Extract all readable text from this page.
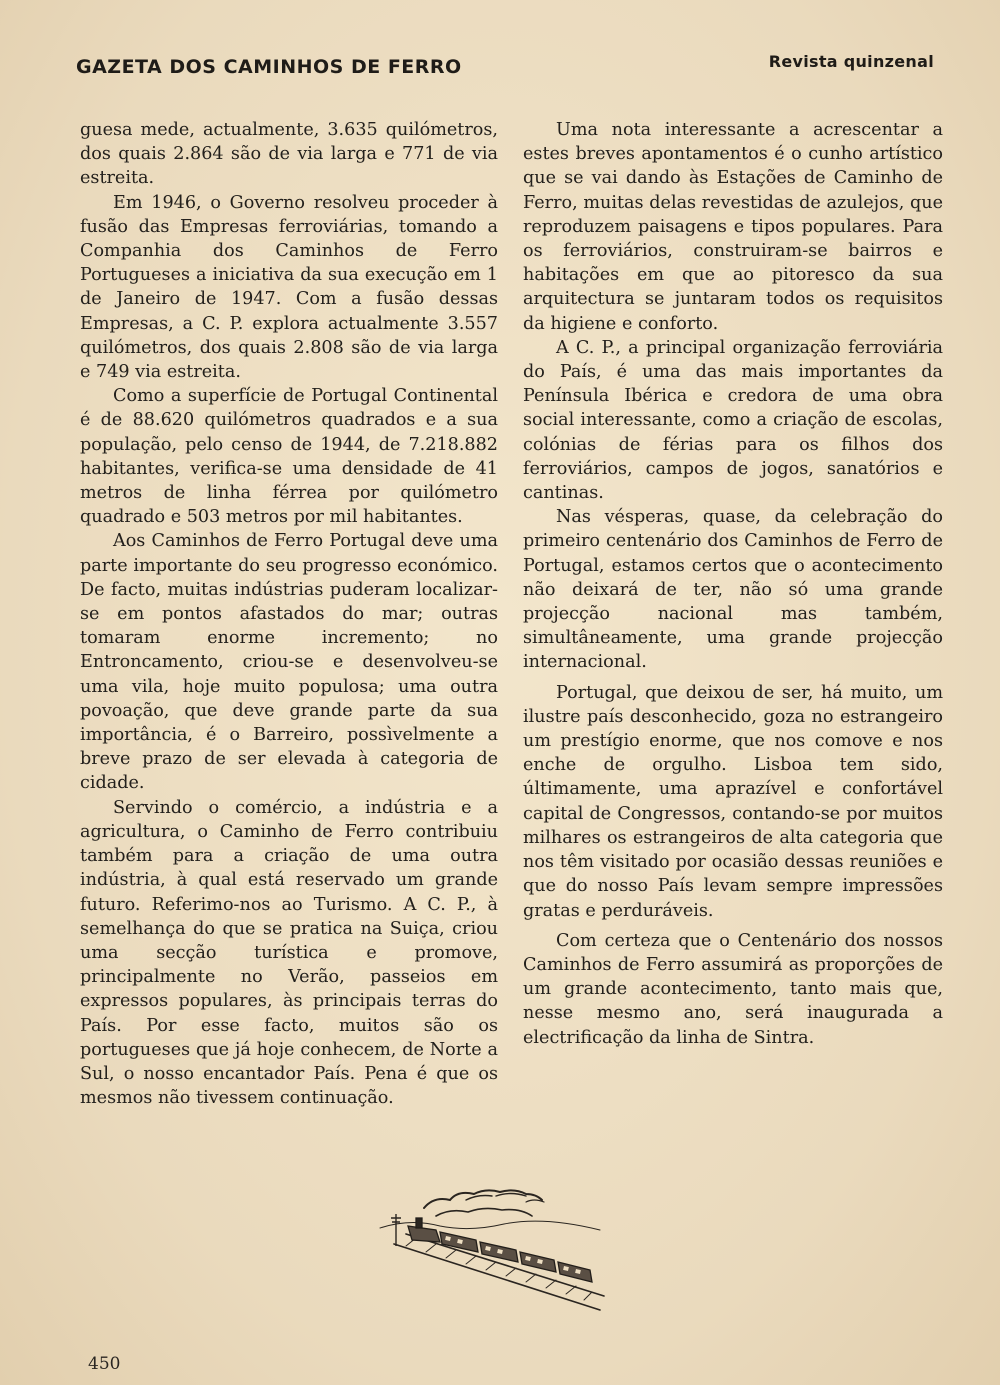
GAZETA DOS CAMINHOS DE FERRO	Revista quinzenal

guesa mede, actualmente, 3.635 quilómetros, dos quais 2.864 são de via larga e 771 de via estreita.

Em 1946, o Governo resolveu proceder à fusão das Empresas ferroviárias, tomando a Companhia dos Caminhos de Ferro Portugueses a iniciativa da sua execução em 1 de Janeiro de 1947. Com a fusão dessas Empresas, a C. P. explora actualmente 3.557 quilómetros, dos quais 2.808 são de via larga e 749 via estreita.

Como a superfície de Portugal Continental é de 88.620 quilómetros quadrados e a sua população, pelo censo de 1944, de 7.218.882 habitantes, verifica-se uma densidade de 41 metros de linha férrea por quilómetro quadrado e 503 metros por mil habitantes.

Aos Caminhos de Ferro Portugal deve uma parte importante do seu progresso económico. De facto, muitas indústrias puderam localizar-se em pontos afastados do mar; outras tomaram enorme incremento; no Entroncamento, criou-se e desenvolveu-se uma vila, hoje muito populosa; uma outra povoação, que deve grande parte da sua importância, é o Barreiro, possìvelmente a breve prazo de ser elevada à categoria de cidade.

Servindo o comércio, a indústria e a agricultura, o Caminho de Ferro contribuiu também para a criação de uma outra indústria, à qual está reservado um grande futuro. Referimo-nos ao Turismo. A C. P., à semelhança do que se pratica na Suiça, criou uma secção turística e promove, principalmente no Verão, passeios em expressos populares, às principais terras do País. Por esse facto, muitos são os portugueses que já hoje conhecem, de Norte a Sul, o nosso encantador País. Pena é que os mesmos não tivessem continuação.

Uma nota interessante a acrescentar a estes breves apontamentos é o cunho artístico que se vai dando às Estações de Caminho de Ferro, muitas delas revestidas de azulejos, que reproduzem paisagens e tipos populares. Para os ferroviários, construiram-se bairros e habitações em que ao pitoresco da sua arquitectura se juntaram todos os requisitos da higiene e conforto.

A C. P., a principal organização ferroviária do País, é uma das mais importantes da Península Ibérica e credora de uma obra social interessante, como a criação de escolas, colónias de férias para os filhos dos ferroviários, campos de jogos, sanatórios e cantinas.

Nas vésperas, quase, da celebração do primeiro centenário dos Caminhos de Ferro de Portugal, estamos certos que o acontecimento não deixará de ter, não só uma grande projecção nacional mas também, simultâneamente, uma grande projecção internacional.

Portugal, que deixou de ser, há muito, um ilustre país desconhecido, goza no estrangeiro um prestígio enorme, que nos comove e nos enche de orgulho. Lisboa tem sido, últimamente, uma aprazível e confortável capital de Congressos, contando-se por muitos milhares os estrangeiros de alta categoria que nos têm visitado por ocasião dessas reuniões e que do nosso País levam sempre impressões gratas e perduráveis.

Com certeza que o Centenário dos nossos Caminhos de Ferro assumirá as proporções de um grande acontecimento, tanto mais que, nesse mesmo ano, será inaugurada a electrificação da linha de Sintra.

450
